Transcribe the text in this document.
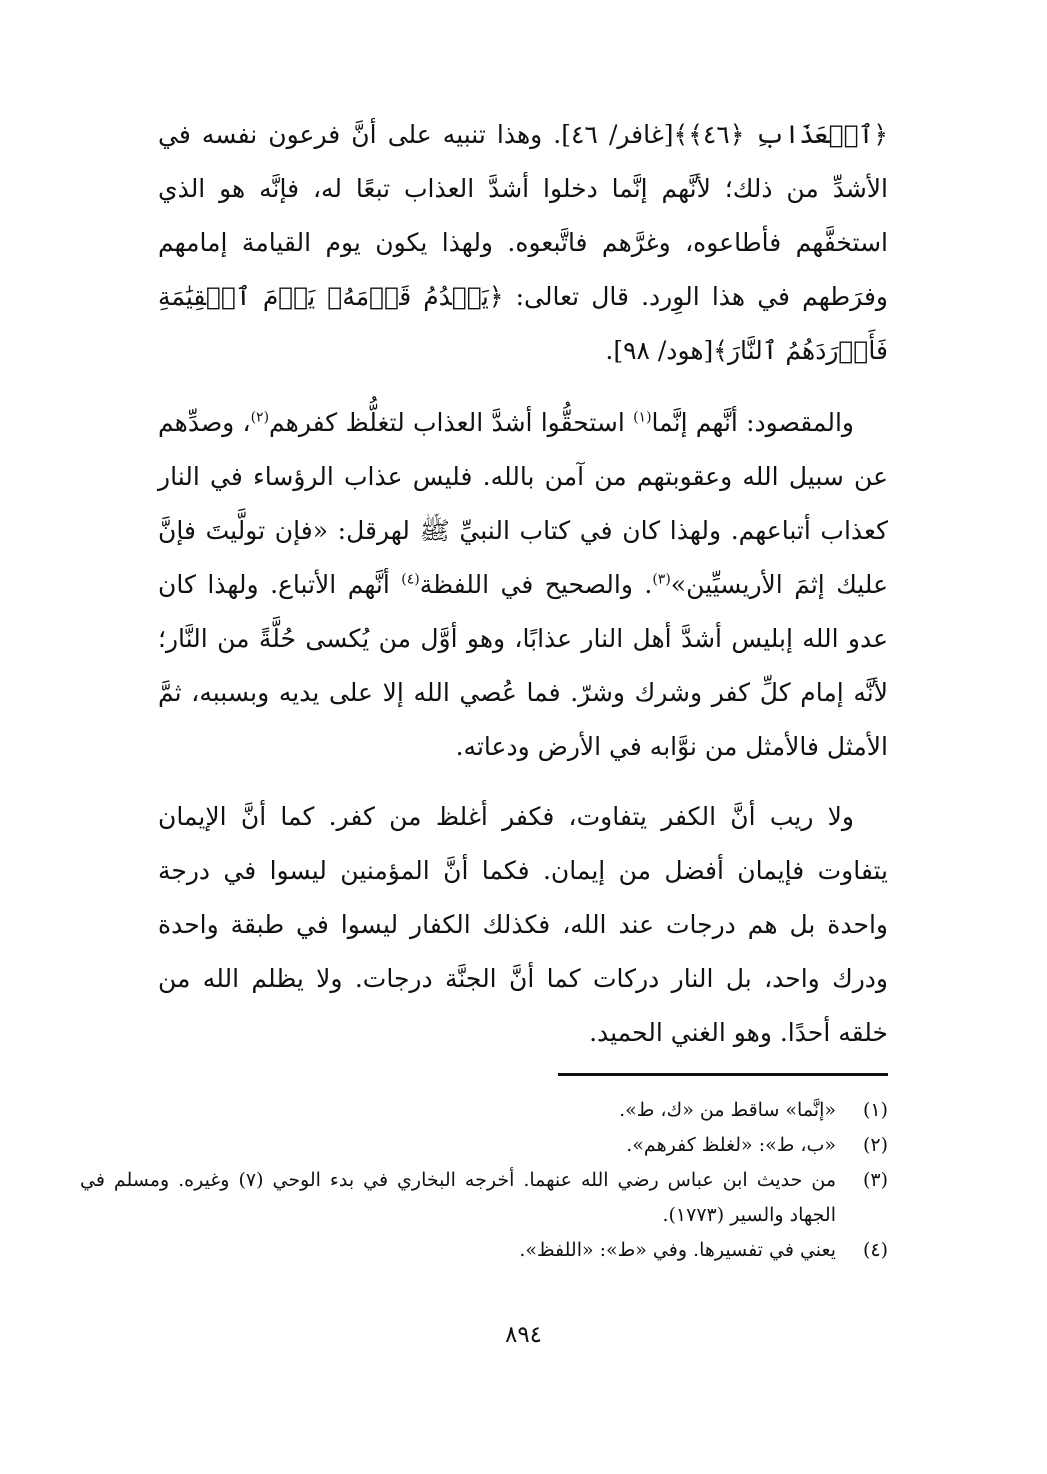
﴿ٱلۡعَذَابِ ﴿٤٦﴾﴾[غافر/ ٤٦]. وهذا تنبيه على أنَّ فرعون نفسه في الأشدِّ من ذلك؛ لأنَّهم إنَّما دخلوا أشدَّ العذاب تبعًا له، فإنَّه هو الذي استخفَّهم فأطاعوه، وغرَّهم فاتَّبعوه. ولهذا يكون يوم القيامة إمامهم وفرَطهم في هذا الوِرد. قال تعالى: ﴿يَقۡدُمُ قَوۡمَهُۥ يَوۡمَ ٱلۡقِيَٰمَةِ فَأَوۡرَدَهُمُ ٱلنَّارَ﴾[هود/ ٩٨].

والمقصود: أنَّهم إنَّما$^{(١)}$ استحقُّوا أشدَّ العذاب لتغلُّظ كفرهم$^{(٢)}$، وصدِّهم عن سبيل الله وعقوبتهم من آمن بالله. فليس عذاب الرؤساء في النار كعذاب أتباعهم. ولهذا كان في كتاب النبيِّ ﷺ لهرقل: «فإن تولَّيتَ فإنَّ عليك إثمَ الأريسيِّين»$^{(٣)}$. والصحيح في اللفظة$^{(٤)}$ أنَّهم الأتباع. ولهذا كان عدو الله إبليس أشدَّ أهل النار عذابًا، وهو أوَّل من يُكسى حُلَّةً من النَّار؛ لأنَّه إمام كلِّ كفر وشرك وشرّ. فما عُصي الله إلا على يديه وبسببه، ثمَّ الأمثل فالأمثل من نوَّابه في الأرض ودعاته.

ولا ريب أنَّ الكفر يتفاوت، فكفر أغلظ من كفر. كما أنَّ الإيمان يتفاوت فإيمان أفضل من إيمان. فكما أنَّ المؤمنين ليسوا في درجة واحدة بل هم درجات عند الله، فكذلك الكفار ليسوا في طبقة واحدة ودرك واحد، بل النار دركات كما أنَّ الجنَّة درجات. ولا يظلم الله من خلقه أحدًا. وهو الغني الحميد.

(١)
«إنَّما» ساقط من «ك، ط».
(٢)
«ب، ط»: «لغلظ كفرهم».
(٣)
من حديث ابن عباس رضي الله عنهما. أخرجه البخاري في بدء الوحي (٧) وغيره. ومسلم في الجهاد والسير (١٧٧٣).
(٤)
يعني في تفسيرها. وفي «ط»: «اللفظ».
٨٩٤
